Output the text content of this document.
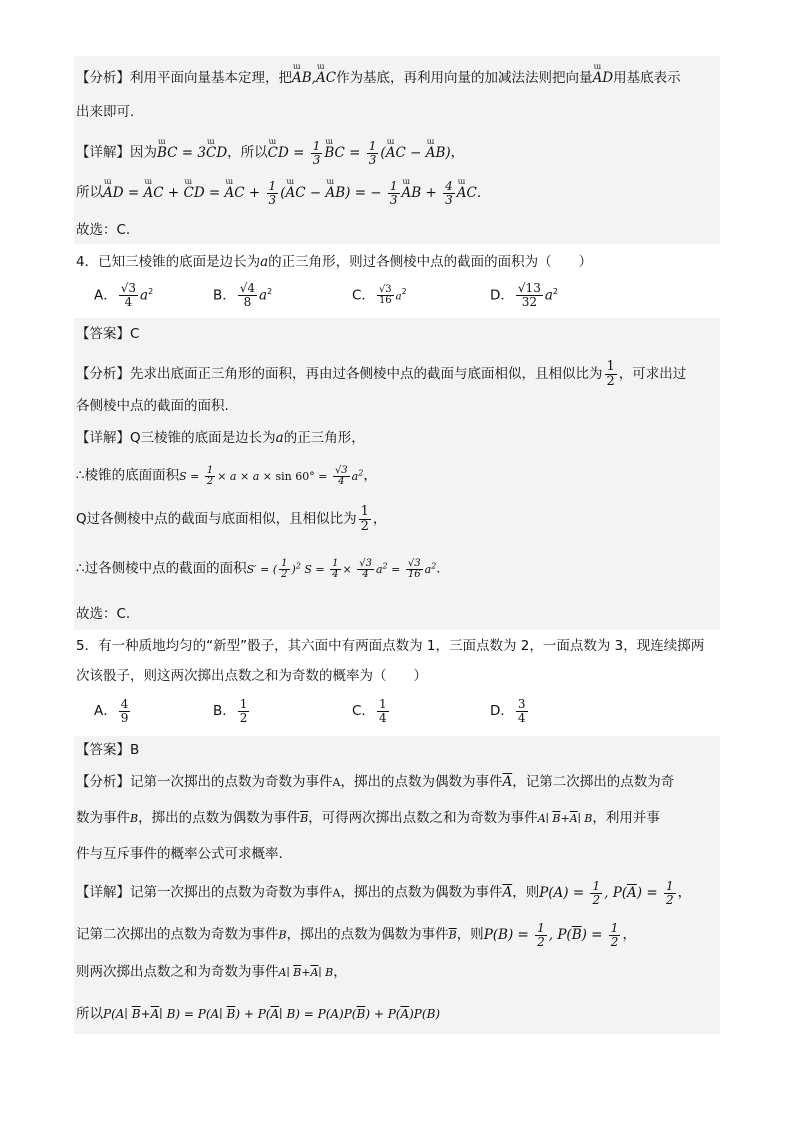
【分析】利用平面向量基本定理，把ɯ AB,ɯ AC作为基底，再利用向量的加减法法则把向量ɯ AD用基底表示
出来即可.
【详解】因为ɯ BC = 3ɯ CD，所以ɯ CD = $\frac{1}{3}$ ɯ BC = $\frac{1}{3}$ (ɯ AC − ɯ AB)，
所以ɯ AD = ɯ AC + ɯ CD = ɯ AC + $\frac{1}{3}$ (ɯ AC − ɯ AB) = − $\frac{1}{3}$ ɯ AB + $\frac{4}{3}$ ɯ AC.
故选：C.
4．已知三棱锥的底面是边长为a的正三角形，则过各侧棱中点的截面的面积为（　　）
A． $\frac{√3}{4} a^2$	B． $\frac{√4}{8} a^2$	C． $\frac{√3}{16} a^2$	D． $\frac{√13}{32} a^2$
【答案】C
【分析】先求出底面正三角形的面积，再由过各侧棱中点的截面与底面相似，且相似比为 $\frac{1}{2}$ ，可求出过
各侧棱中点的截面的面积.
【详解】Q三棱锥的底面是边长为a的正三角形，
∴棱锥的底面面积$S = \frac{1}{2} \times a \times a \times \sin 60^\circ = \frac{√3}{4} a^2$，
Q过各侧棱中点的截面与底面相似，且相似比为 $\frac{1}{2}$ ，
∴过各侧棱中点的截面的面积S′ = ( $\frac{1}{2} )^2$ $S = \frac{1}{4} \times \frac{√3}{4} a^2 = \frac{√3}{16} a^2$.
故选：C.
5．有一种质地均匀的“新型”骰子，其六面中有两面点数为 1，三面点数为 2，一面点数为 3，现连续掷两
次该骰子，则这两次掷出点数之和为奇数的概率为（　　）
A． $\frac{4}{9}$	B． $\frac{1}{2}$	C． $\frac{1}{4}$	D． $\frac{3}{4}$
【答案】B
【分析】记第一次掷出的点数为奇数为事件A，掷出的点数为偶数为事件$\overline{A}$，记第二次掷出的点数为奇
数为事件B，掷出的点数为偶数为事件$\overline{B}$，可得两次掷出点数之和为奇数为事件A∣ $\overline{B}+\overline{A}∣$ B，利用并事
件与互斥事件的概率公式可求概率.
【详解】记第一次掷出的点数为奇数为事件A，掷出的点数为偶数为事件$\overline{A}$，则$P(A) = \frac{1}{2}$ , $P(\overline{A}) = \frac{1}{2}$ ，
记第二次掷出的点数为奇数为事件B，掷出的点数为偶数为事件$\overline{B}$，则$P(B) = \frac{1}{2}$ , $P(\overline{B}) = \frac{1}{2}$ ，
则两次掷出点数之和为奇数为事件A∣ $\overline{B}+\overline{A}∣$ B，
所以P(A∣ $\overline{B}+\overline{A}∣$ B) = P(A∣ $\overline{B}$) + $P(\overline{A}∣$ $B) = P(A)P(\overline{B}) + P(\overline{A})P(B)$
